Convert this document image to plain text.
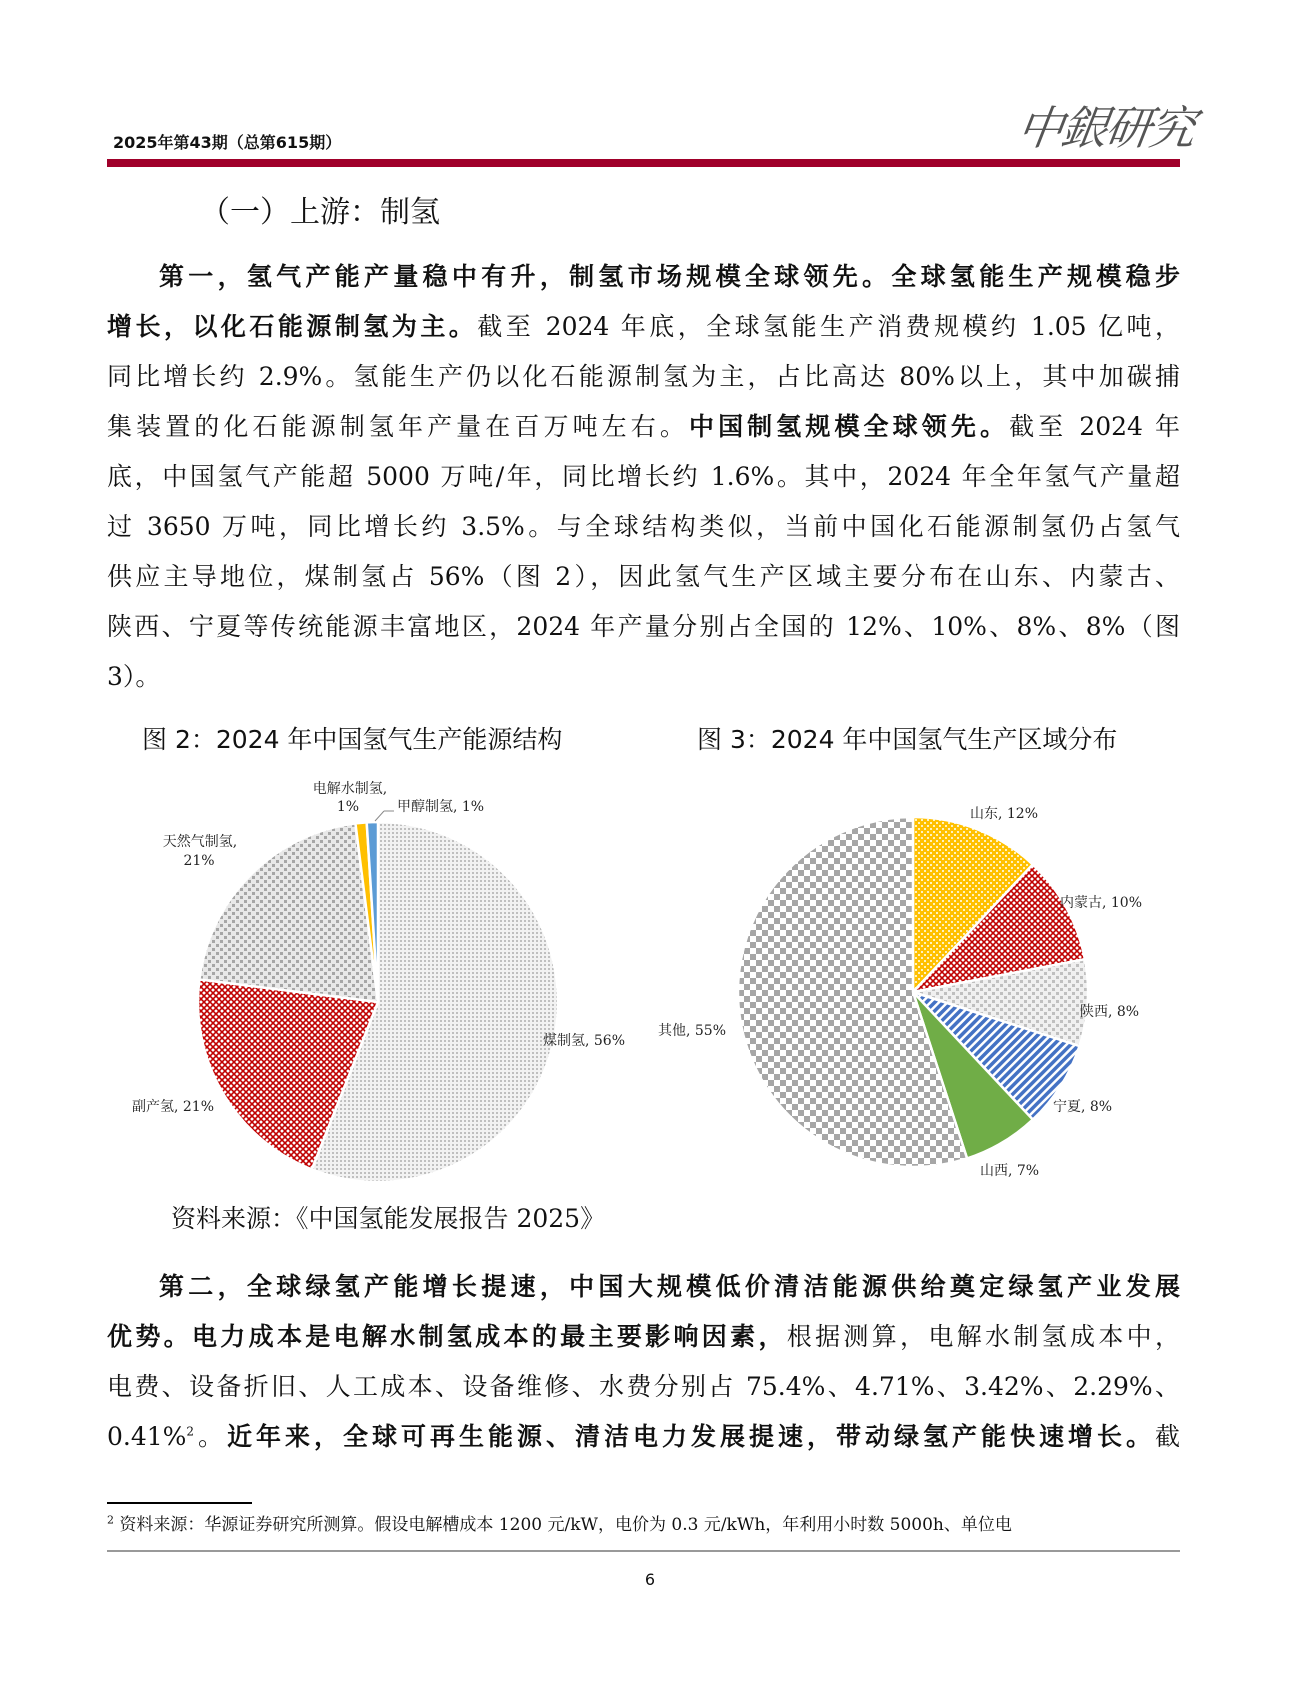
2025年第43期（总第615期）	中銀研究
（一）上游：制氢
第一，氢气产能产量稳中有升，制氢市场规模全球领先。全球氢能生产规模稳步
增长，以化石能源制氢为主。截至 2024 年底，全球氢能生产消费规模约 1.05 亿吨，
同比增长约 2.9%。氢能生产仍以化石能源制氢为主，占比高达 80%以上，其中加碳捕
集装置的化石能源制氢年产量在百万吨左右。中国制氢规模全球领先。截至 2024 年
底，中国氢气产能超 5000 万吨/年，同比增长约 1.6%。其中，2024 年全年氢气产量超
过 3650 万吨，同比增长约 3.5%。与全球结构类似，当前中国化石能源制氢仍占氢气
供应主导地位，煤制氢占 56%（图 2），因此氢气生产区域主要分布在山东、内蒙古、
陕西、宁夏等传统能源丰富地区，2024 年产量分别占全国的 12%、10%、8%、8%（图
3）。
图 2：2024 年中国氢气生产能源结构	图 3：2024 年中国氢气生产区域分布
电解水制氢,
1%	甲醇制氢, 1%
天然气制氢,
21%
煤制氢, 56%
副产氢, 21%
山东, 12%
内蒙古, 10%
陕西, 8%
宁夏, 8%
山西, 7%
其他, 55%
资料来源：《中国氢能发展报告 2025》
第二，全球绿氢产能增长提速，中国大规模低价清洁能源供给奠定绿氢产业发展
优势。电力成本是电解水制氢成本的最主要影响因素，根据测算，电解水制氢成本中，
电费、设备折旧、人工成本、设备维修、水费分别占 75.4%、4.71%、3.42%、2.29%、
0.41%$^2$。近年来，全球可再生能源、清洁电力发展提速，带动绿氢产能快速增长。截
$^2$ 资料来源：华源证券研究所测算。假设电解槽成本 1200 元/kW，电价为 0.3 元/kWh，年利用小时数 5000h、单位电
6
